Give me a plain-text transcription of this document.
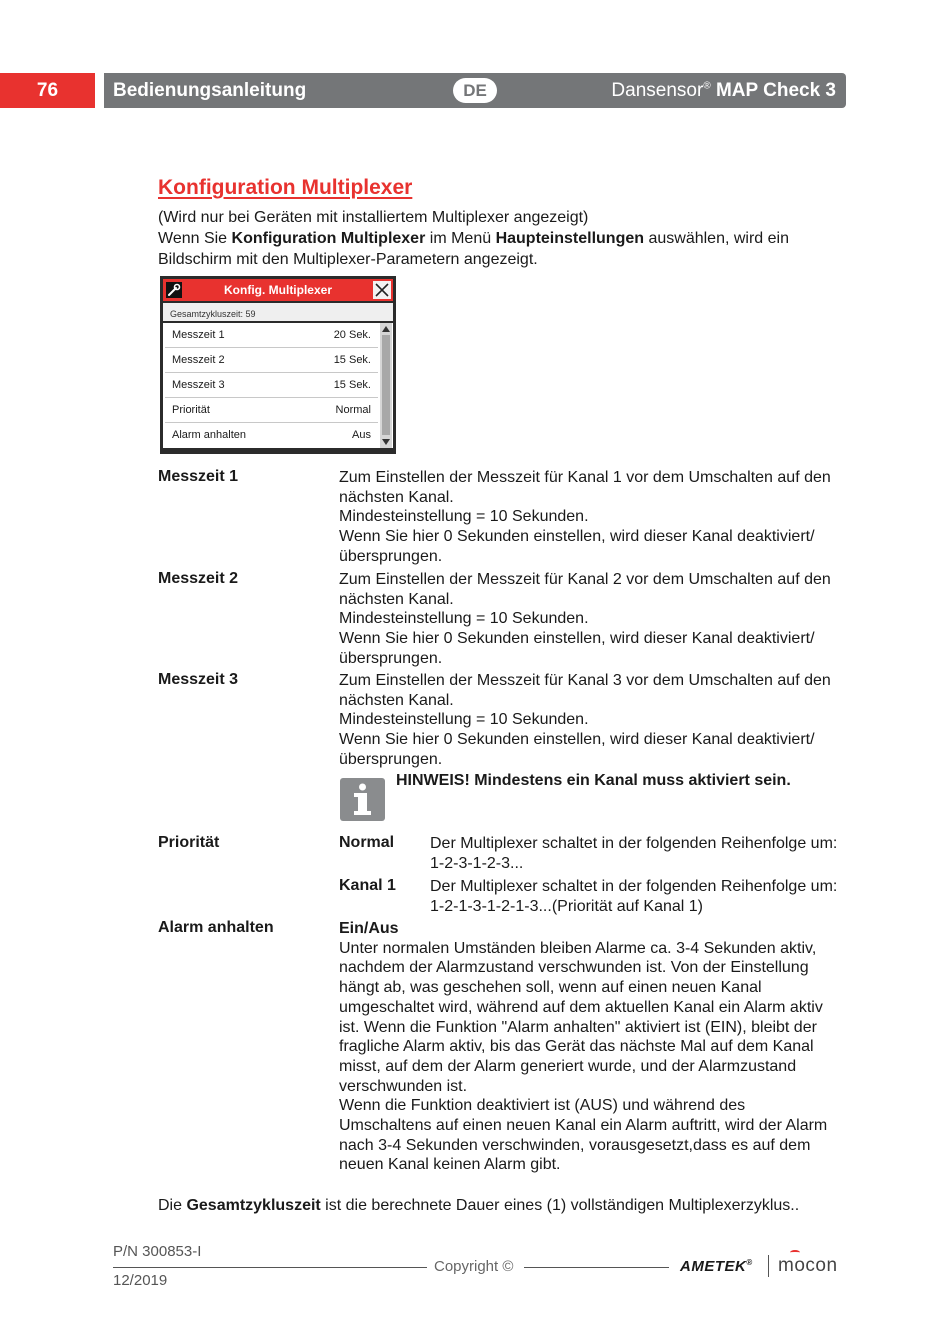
76	Bedienungsanleitung	DE	Dansensor® MAP Check 3
Konfiguration Multiplexer

(Wird nur bei Geräten mit installiertem Multiplexer angezeigt)

Wenn Sie Konfiguration Multiplexer im Menü Haupteinstellungen auswählen, wird ein Bildschirm mit den Multiplexer-Parametern angezeigt.

Konfig. Multiplexer
Gesamtzykluszeit: 59
Messzeit 1	20 Sek.
Messzeit 2	15 Sek.
Messzeit 3	15 Sek.
Priorität	Normal
Alarm anhalten	Aus
Messzeit 1	Zum Einstellen der Messzeit für Kanal 1 vor dem Umschalten auf den nächsten Kanal.

Mindesteinstellung = 10 Sekunden.

Wenn Sie hier 0 Sekunden einstellen, wird dieser Kanal deaktiviert/ übersprungen.

Messzeit 2	Zum Einstellen der Messzeit für Kanal 2 vor dem Umschalten auf den nächsten Kanal.

Mindesteinstellung = 10 Sekunden.

Wenn Sie hier 0 Sekunden einstellen, wird dieser Kanal deaktiviert/ übersprungen.

Messzeit 3	Zum Einstellen der Messzeit für Kanal 3 vor dem Umschalten auf den nächsten Kanal.

Mindesteinstellung = 10 Sekunden.

Wenn Sie hier 0 Sekunden einstellen, wird dieser Kanal deaktiviert/ übersprungen.

HINWEIS! Mindestens ein Kanal muss aktiviert sein.
Priorität	Normal Der Multiplexer schaltet in der folgenden Reihenfolge um: 1-2-3-1-2-3...
Kanal 1 Der Multiplexer schaltet in der folgenden Reihenfolge um: 1-2-1-3-1-2-1-3...(Priorität auf Kanal 1)
Alarm anhalten	Ein/Aus

Unter normalen Umständen bleiben Alarme ca. 3-4 Sekunden aktiv, nachdem der Alarmzustand verschwunden ist. Von der Einstellung hängt ab, was geschehen soll, wenn auf einen neuen Kanal umgeschaltet wird, während auf dem aktuellen Kanal ein Alarm aktiv ist. Wenn die Funktion "Alarm anhalten" aktiviert ist (EIN), bleibt der fragliche Alarm aktiv, bis das Gerät das nächste Mal auf dem Kanal misst, auf dem der Alarm generiert wurde, und der Alarmzustand verschwunden ist.

Wenn die Funktion deaktiviert ist (AUS) und während des Umschaltens auf einen neuen Kanal ein Alarm auftritt, wird der Alarm nach 3-4 Sekunden verschwinden, vorausgesetzt,dass es auf dem neuen Kanal keinen Alarm gibt.

Die Gesamtzykluszeit ist die berechnete Dauer eines (1) vollständigen Multiplexerzyklus..
P/N 300853-I
12/2019
Copyright ©	AMETEK® mocon
